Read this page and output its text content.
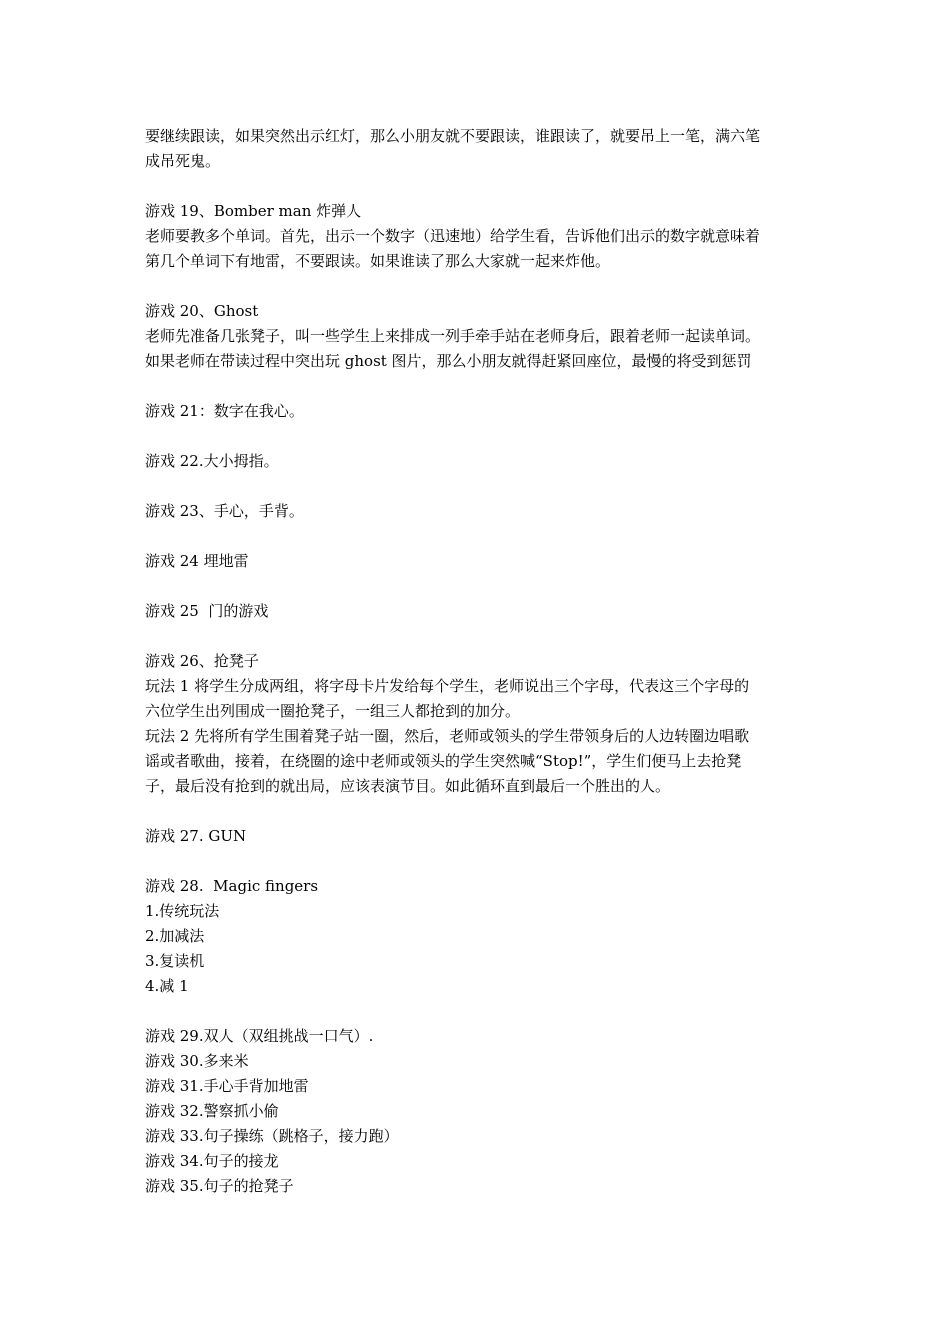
要继续跟读，如果突然出示红灯，那么小朋友就不要跟读，谁跟读了，就要吊上一笔，满六笔
成吊死鬼。
游戏 19、Bomber man 炸弹人
老师要教多个单词。首先，出示一个数字（迅速地）给学生看，告诉他们出示的数字就意味着
第几个单词下有地雷，不要跟读。如果谁读了那么大家就一起来炸他。
游戏 20、Ghost
老师先准备几张凳子，叫一些学生上来排成一列手牵手站在老师身后，跟着老师一起读单词。
如果老师在带读过程中突出玩 ghost 图片，那么小朋友就得赶紧回座位，最慢的将受到惩罚
游戏 21：数字在我心。
游戏 22.大小拇指。
游戏 23、手心，手背。
游戏 24 埋地雷
游戏 25  门的游戏
游戏 26、抢凳子
玩法 1 将学生分成两组，将字母卡片发给每个学生，老师说出三个字母，代表这三个字母的
六位学生出列围成一圈抢凳子，一组三人都抢到的加分。
玩法 2 先将所有学生围着凳子站一圈，然后，老师或领头的学生带领身后的人边转圈边唱歌
谣或者歌曲，接着，在绕圈的途中老师或领头的学生突然喊“Stop!”，学生们便马上去抢凳
子，最后没有抢到的就出局，应该表演节目。如此循环直到最后一个胜出的人。
游戏 27. GUN
游戏 28.  Magic fingers
1.传统玩法
2.加减法
3.复读机
4.减 1
游戏 29.双人（双组挑战一口气）.
游戏 30.多来米
游戏 31.手心手背加地雷
游戏 32.警察抓小偷
游戏 33.句子操练（跳格子，接力跑）
游戏 34.句子的接龙
游戏 35.句子的抢凳子
